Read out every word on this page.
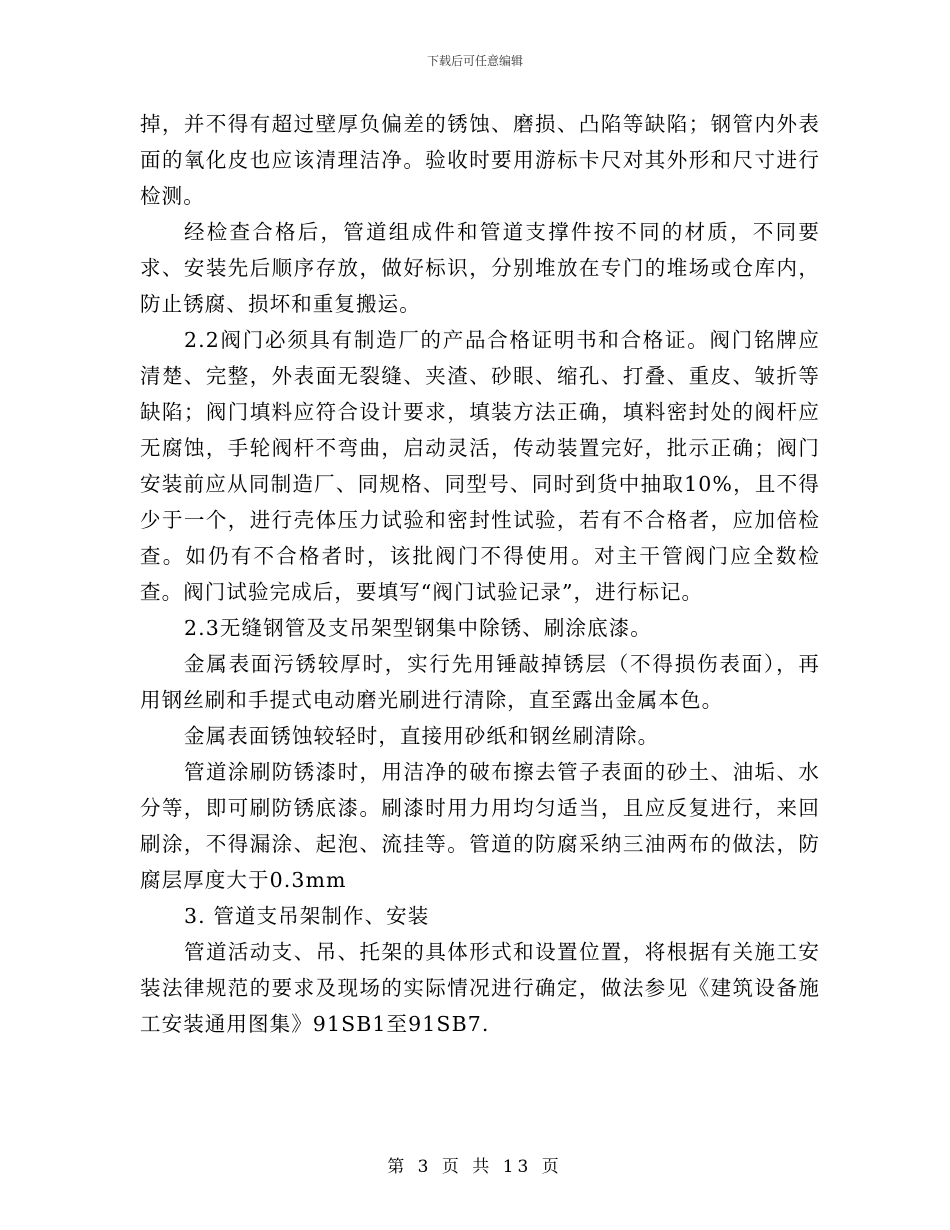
下载后可任意编辑

掉，并不得有超过壁厚负偏差的锈蚀、磨损、凸陷等缺陷；钢管内外表面的氧化皮也应该清理洁净。验收时要用游标卡尺对其外形和尺寸进行检测。

经检查合格后，管道组成件和管道支撑件按不同的材质，不同要求、安装先后顺序存放，做好标识，分别堆放在专门的堆场或仓库内，防止锈腐、损坏和重复搬运。

2.2阀门必须具有制造厂的产品合格证明书和合格证。阀门铭牌应清楚、完整，外表面无裂缝、夹渣、砂眼、缩孔、打叠、重皮、皱折等缺陷；阀门填料应符合设计要求，填装方法正确，填料密封处的阀杆应无腐蚀，手轮阀杆不弯曲，启动灵活，传动装置完好，批示正确；阀门安装前应从同制造厂、同规格、同型号、同时到货中抽取10%，且不得少于一个，进行壳体压力试验和密封性试验，若有不合格者，应加倍检查。如仍有不合格者时，该批阀门不得使用。对主干管阀门应全数检查。阀门试验完成后，要填写“阀门试验记录”，进行标记。

2.3无缝钢管及支吊架型钢集中除锈、刷涂底漆。

金属表面污锈较厚时，实行先用锤敲掉锈层（不得损伤表面），再用钢丝刷和手提式电动磨光刷进行清除，直至露出金属本色。

金属表面锈蚀较轻时，直接用砂纸和钢丝刷清除。

管道涂刷防锈漆时，用洁净的破布擦去管子表面的砂土、油垢、水分等，即可刷防锈底漆。刷漆时用力用均匀适当，且应反复进行，来回刷涂，不得漏涂、起泡、流挂等。管道的防腐采纳三油两布的做法，防腐层厚度大于0.3mm

3. 管道支吊架制作、安装

管道活动支、吊、托架的具体形式和设置位置，将根据有关施工安装法律规范的要求及现场的实际情况进行确定，做法参见《建筑设备施工安装通用图集》91SB1至91SB7.

第 3 页 共 13 页
